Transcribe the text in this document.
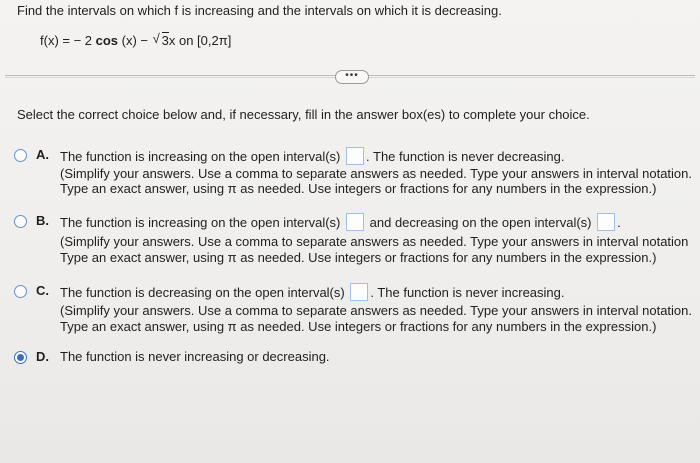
Find the intervals on which f is increasing and the intervals on which it is decreasing.
f(x) = − 2 cos (x) − √ 3x on [0,2π]
•••
Select the correct choice below and, if necessary, fill in the answer box(es) to complete your choice.
A. The function is increasing on the open interval(s) . The function is never decreasing.
(Simplify your answers. Use a comma to separate answers as needed. Type your answers in interval notation.
Type an exact answer, using π as needed. Use integers or fractions for any numbers in the expression.)
B. The function is increasing on the open interval(s) and decreasing on the open interval(s) .
(Simplify your answers. Use a comma to separate answers as needed. Type your answers in interval notation
Type an exact answer, using π as needed. Use integers or fractions for any numbers in the expression.)
C. The function is decreasing on the open interval(s) . The function is never increasing.
(Simplify your answers. Use a comma to separate answers as needed. Type your answers in interval notation.
Type an exact answer, using π as needed. Use integers or fractions for any numbers in the expression.)
D. The function is never increasing or decreasing.
